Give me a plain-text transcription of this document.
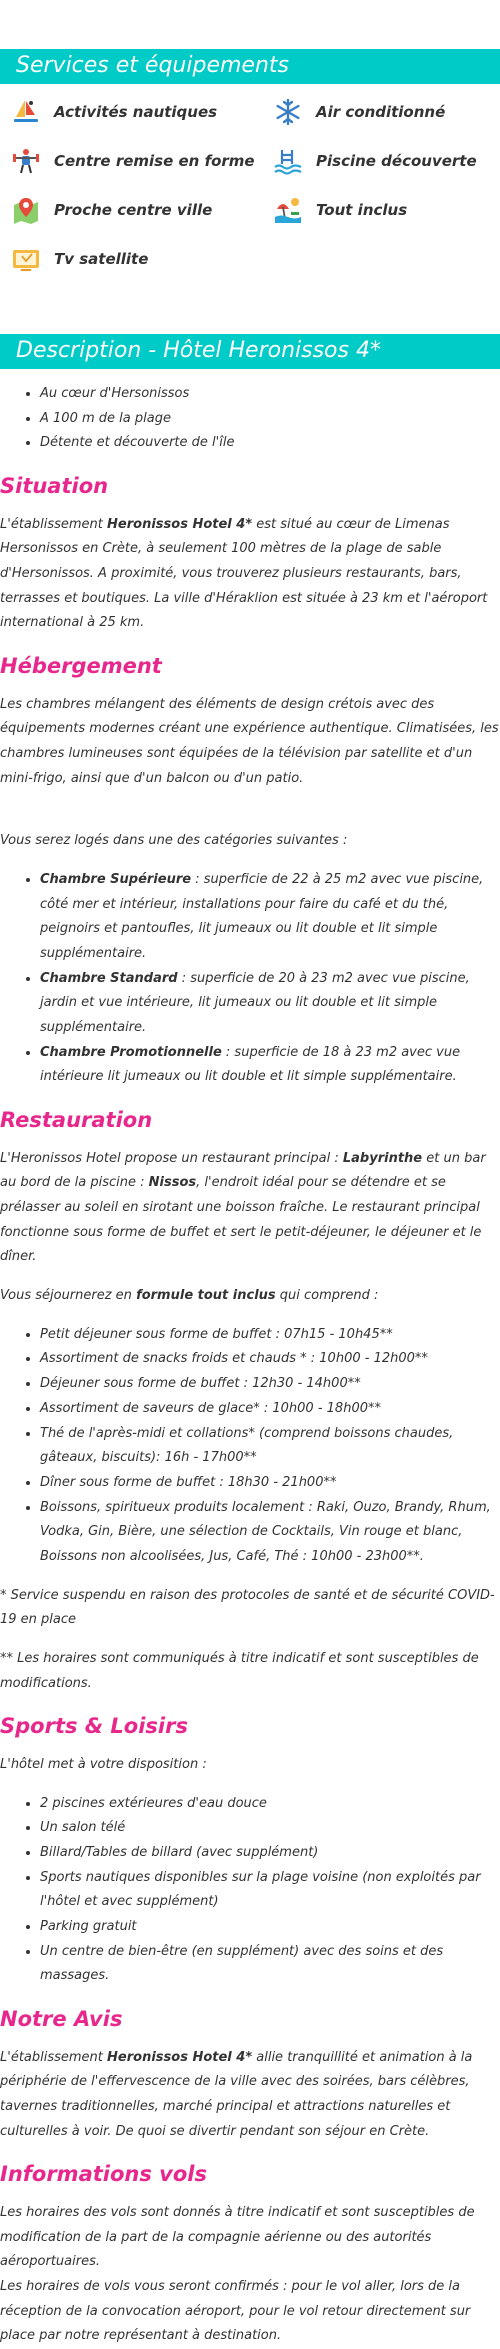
Services et équipements
Activités nautiques	Air conditionné
Centre remise en forme	Piscine découverte
Proche centre ville	Tout inclus
Tv satellite
Description - Hôtel Heronissos 4*
• Au cœur d'Hersonissos
• A 100 m de la plage
• Détente et découverte de l'île
Situation

L'établissement Heronissos Hotel 4* est situé au cœur de Limenas Hersonissos en Crète, à seulement 100 mètres de la plage de sable d'Hersonissos. A proximité, vous trouverez plusieurs restaurants, bars, terrasses et boutiques. La ville d'Héraklion est située à 23 km et l'aéroport international à 25 km.

Hébergement

Les chambres mélangent des éléments de design crétois avec des équipements modernes créant une expérience authentique. Climatisées, les chambres lumineuses sont équipées de la télévision par satellite et d'un mini-frigo, ainsi que d'un balcon ou d'un patio.

Vous serez logés dans une des catégories suivantes :

• Chambre Supérieure : superficie de 22 à 25 m2 avec vue piscine, côté mer et intérieur, installations pour faire du café et du thé, peignoirs et pantoufles, lit jumeaux ou lit double et lit simple supplémentaire.
• Chambre Standard : superficie de 20 à 23 m2 avec vue piscine, jardin et vue intérieure, lit jumeaux ou lit double et lit simple supplémentaire.
• Chambre Promotionnelle : superficie de 18 à 23 m2 avec vue intérieure lit jumeaux ou lit double et lit simple supplémentaire.
Restauration

L'Heronissos Hotel propose un restaurant principal : Labyrinthe et un bar au bord de la piscine : Nissos, l'endroit idéal pour se détendre et se prélasser au soleil en sirotant une boisson fraîche. Le restaurant principal fonctionne sous forme de buffet et sert le petit-déjeuner, le déjeuner et le dîner.

Vous séjournerez en formule tout inclus qui comprend :

• Petit déjeuner sous forme de buffet : 07h15 - 10h45**
• Assortiment de snacks froids et chauds * : 10h00 - 12h00**
• Déjeuner sous forme de buffet : 12h30 - 14h00**
• Assortiment de saveurs de glace* : 10h00 - 18h00**
• Thé de l'après-midi et collations* (comprend boissons chaudes, gâteaux, biscuits): 16h - 17h00**
• Dîner sous forme de buffet : 18h30 - 21h00**
• Boissons, spiritueux produits localement : Raki, Ouzo, Brandy, Rhum, Vodka, Gin, Bière, une sélection de Cocktails, Vin rouge et blanc, Boissons non alcoolisées, Jus, Café, Thé : 10h00 - 23h00**.

* Service suspendu en raison des protocoles de santé et de sécurité COVID-19 en place

** Les horaires sont communiqués à titre indicatif et sont susceptibles de modifications.

Sports & Loisirs

L'hôtel met à votre disposition :

• 2 piscines extérieures d'eau douce
• Un salon télé
• Billard/Tables de billard (avec supplément)
• Sports nautiques disponibles sur la plage voisine (non exploités par l'hôtel et avec supplément)
• Parking gratuit
• Un centre de bien-être (en supplément) avec des soins et des massages.
Notre Avis

L'établissement Heronissos Hotel 4* allie tranquillité et animation à la périphérie de l'effervescence de la ville avec des soirées, bars célèbres, tavernes traditionnelles, marché principal et attractions naturelles et culturelles à voir. De quoi se divertir pendant son séjour en Crète.

Informations vols

Les horaires des vols sont donnés à titre indicatif et sont susceptibles de modification de la part de la compagnie aérienne ou des autorités aéroportuaires.

Les horaires de vols vous seront confirmés : pour le vol aller, lors de la réception de la convocation aéroport, pour le vol retour directement sur place par notre représentant à destination.
